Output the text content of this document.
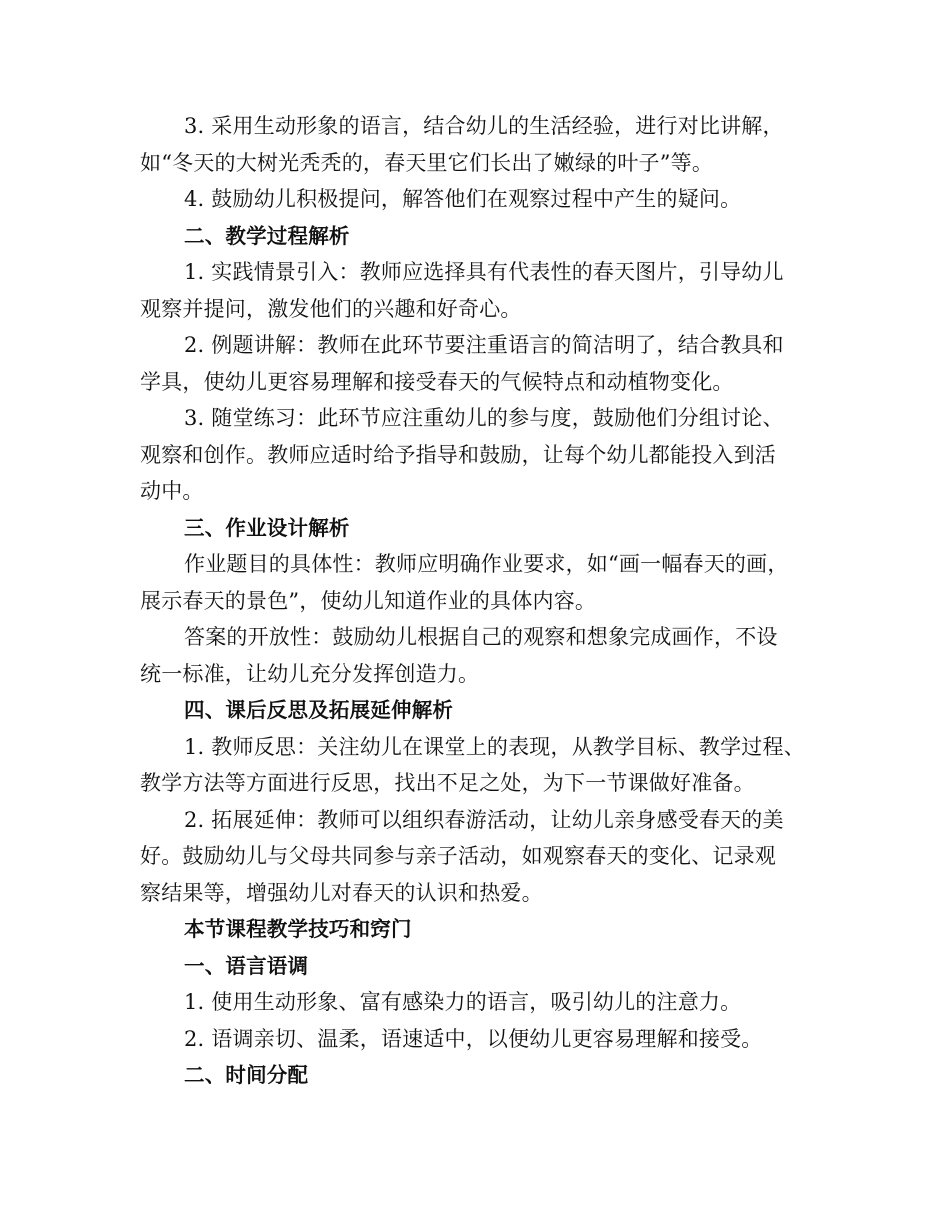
3. 采用生动形象的语言，结合幼儿的生活经验，进行对比讲解，
如“冬天的大树光秃秃的，春天里它们长出了嫩绿的叶子”等。
4. 鼓励幼儿积极提问，解答他们在观察过程中产生的疑问。
二、教学过程解析
1. 实践情景引入：教师应选择具有代表性的春天图片，引导幼儿
观察并提问，激发他们的兴趣和好奇心。
2. 例题讲解：教师在此环节要注重语言的简洁明了，结合教具和
学具，使幼儿更容易理解和接受春天的气候特点和动植物变化。
3. 随堂练习：此环节应注重幼儿的参与度，鼓励他们分组讨论、
观察和创作。教师应适时给予指导和鼓励，让每个幼儿都能投入到活
动中。
三、作业设计解析
作业题目的具体性：教师应明确作业要求，如“画一幅春天的画，
展示春天的景色”，使幼儿知道作业的具体内容。
答案的开放性：鼓励幼儿根据自己的观察和想象完成画作，不设
统一标准，让幼儿充分发挥创造力。
四、课后反思及拓展延伸解析
1. 教师反思：关注幼儿在课堂上的表现，从教学目标、教学过程、
教学方法等方面进行反思，找出不足之处，为下一节课做好准备。
2. 拓展延伸：教师可以组织春游活动，让幼儿亲身感受春天的美
好。鼓励幼儿与父母共同参与亲子活动，如观察春天的变化、记录观
察结果等，增强幼儿对春天的认识和热爱。
本节课程教学技巧和窍门
一、语言语调
1. 使用生动形象、富有感染力的语言，吸引幼儿的注意力。
2. 语调亲切、温柔，语速适中，以便幼儿更容易理解和接受。
二、时间分配
